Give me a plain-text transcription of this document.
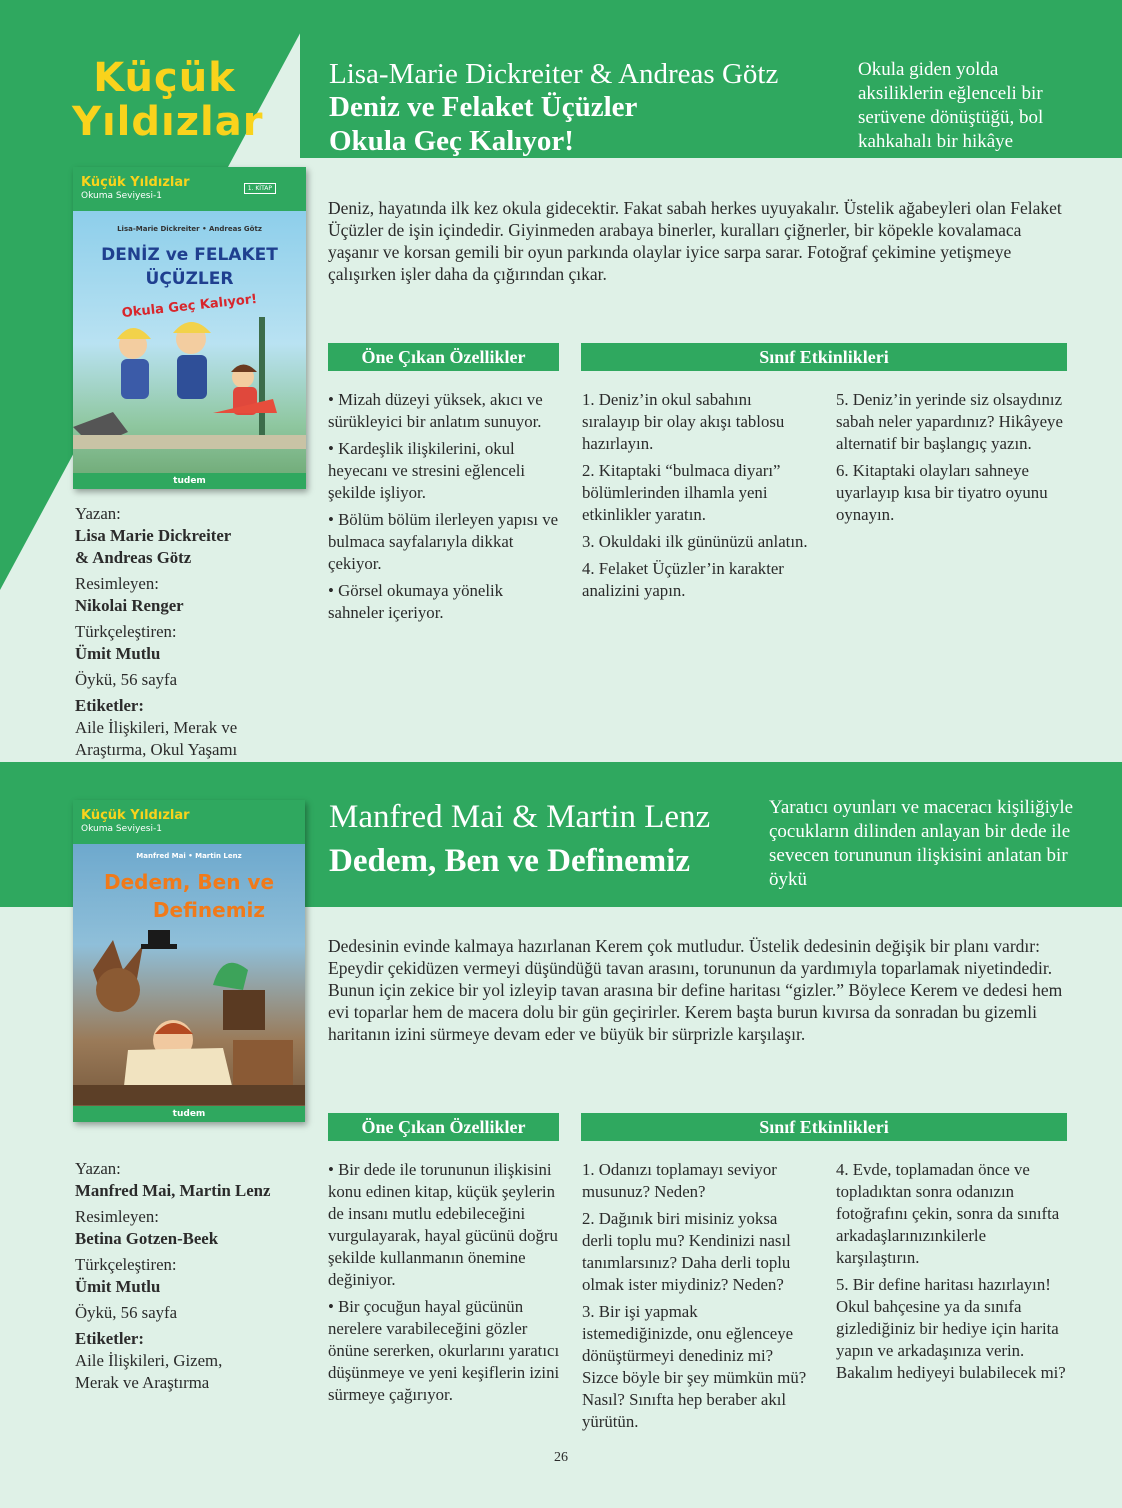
Küçük
Yıldızlar
Lisa-Marie Dickreiter & Andreas Götz
Deniz ve Felaket Üçüzler
Okula Geç Kalıyor!
Okula giden yolda aksiliklerin eğlenceli bir serüvene dönüştüğü, bol kahkahalı bir hikâye
Küçük Yıldızlar
Okuma Seviyesi-1
1. KİTAP
Lisa-Marie Dickreiter • Andreas Götz
DENİZ ve FELAKET
ÜÇÜZLER
Okula Geç Kalıyor!
tudem
Deniz, hayatında ilk kez okula gidecektir. Fakat sabah herkes uyuyakalır. Üstelik ağabeyleri olan Felaket Üçüzler de işin içindedir. Giyinmeden arabaya binerler, kuralları çiğnerler, bir köpekle kovalamaca yaşanır ve korsan gemili bir oyun parkında olaylar iyice sarpa sarar. Fotoğraf çekimine yetişmeye çalışırken işler daha da çığırından çıkar.
Öne Çıkan Özellikler	Sınıf Etkinlikleri

• Mizah düzeyi yüksek, akıcı ve sürükleyici bir anlatım sunuyor.

• Kardeşlik ilişkilerini, okul heyecanı ve stresini eğlenceli şekilde işliyor.

• Bölüm bölüm ilerleyen yapısı ve bulmaca sayfalarıyla dikkat çekiyor.

• Görsel okumaya yönelik sahneler içeriyor.

1. Deniz’in okul sabahını sıralayıp bir olay akışı tablosu hazırlayın.

2. Kitaptaki “bulmaca diyarı” bölümlerinden ilhamla yeni etkinlikler yaratın.

3. Okuldaki ilk gününüzü anlatın.

4. Felaket Üçüzler’in karakter analizini yapın.

5. Deniz’in yerinde siz olsaydınız sabah neler yapardınız? Hikâyeye alternatif bir başlangıç yazın.

6. Kitaptaki olayları sahneye uyarlayıp kısa bir tiyatro oyunu oynayın.

Yazan:
Lisa Marie Dickreiter
& Andreas Götz
Resimleyen:
Nikolai Renger
Türkçeleştiren:
Ümit Mutlu
Öykü, 56 sayfa
Etiketler:
Aile İlişkileri, Merak ve
Araştırma, Okul Yaşamı
Manfred Mai & Martin Lenz
Dedem, Ben ve Definemiz
Yaratıcı oyunları ve maceracı kişiliğiyle çocukların dilinden anlayan bir dede ile sevecen torununun ilişkisini anlatan bir öykü
Küçük Yıldızlar
Okuma Seviyesi-1
Manfred Mai • Martin Lenz
Dedem, Ben ve
Definemiz
tudem
Dedesinin evinde kalmaya hazırlanan Kerem çok mutludur. Üstelik dedesinin değişik bir planı vardır: Epeydir çekidüzen vermeyi düşündüğü tavan arasını, torununun da yardımıyla toparlamak niyetindedir. Bunun için zekice bir yol izleyip tavan arasına bir define haritası “gizler.” Böylece Kerem ve dedesi hem evi toparlar hem de macera dolu bir gün geçirirler. Kerem başta burun kıvırsa da sonradan bu gizemli haritanın izini sürmeye devam eder ve büyük bir sürprizle karşılaşır.
Öne Çıkan Özellikler	Sınıf Etkinlikleri

• Bir dede ile torununun ilişkisini konu edinen kitap, küçük şeylerin de insanı mutlu edebileceğini vurgulayarak, hayal gücünü doğru şekilde kullanmanın önemine değiniyor.

• Bir çocuğun hayal gücünün nerelere varabileceğini gözler önüne sererken, okurlarını yaratıcı düşünmeye ve yeni keşiflerin izini sürmeye çağırıyor.

1. Odanızı toplamayı seviyor musunuz? Neden?

2. Dağınık biri misiniz yoksa derli toplu mu? Kendinizi nasıl tanımlarsınız? Daha derli toplu olmak ister miydiniz? Neden?

3. Bir işi yapmak istemediğinizde, onu eğlenceye dönüştürmeyi denediniz mi? Sizce böyle bir şey mümkün mü? Nasıl? Sınıfta hep beraber akıl yürütün.

4. Evde, toplamadan önce ve topladıktan sonra odanızın fotoğrafını çekin, sonra da sınıfta arkadaşlarınızınkilerle karşılaştırın.

5. Bir define haritası hazırlayın! Okul bahçesine ya da sınıfa gizlediğiniz bir hediye için harita yapın ve arkadaşınıza verin. Bakalım hediyeyi bulabilecek mi?

Yazan:
Manfred Mai, Martin Lenz
Resimleyen:
Betina Gotzen-Beek
Türkçeleştiren:
Ümit Mutlu
Öykü, 56 sayfa
Etiketler:
Aile İlişkileri, Gizem,
Merak ve Araştırma
26
